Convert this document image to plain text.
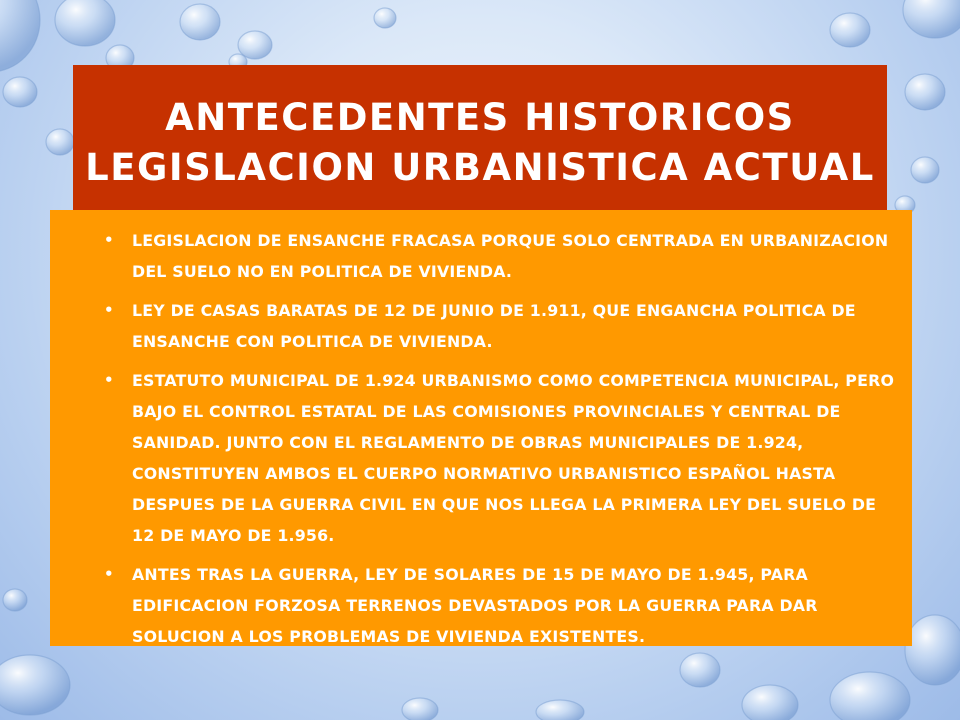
ANTECEDENTES HISTORICOS
LEGISLACION URBANISTICA ACTUAL
• LEGISLACION DE ENSANCHE FRACASA PORQUE SOLO CENTRADA EN URBANIZACION DEL SUELO NO EN POLITICA DE VIVIENDA.
• LEY DE CASAS BARATAS DE 12 DE JUNIO DE 1.911, QUE ENGANCHA POLITICA DE ENSANCHE CON POLITICA DE VIVIENDA.
• ESTATUTO MUNICIPAL DE 1.924 URBANISMO COMO COMPETENCIA MUNICIPAL, PERO BAJO EL CONTROL ESTATAL DE LAS COMISIONES PROVINCIALES Y CENTRAL DE SANIDAD. JUNTO CON EL REGLAMENTO DE OBRAS MUNICIPALES DE 1.924, CONSTITUYEN AMBOS EL CUERPO NORMATIVO URBANISTICO ESPAÑOL HASTA DESPUES DE LA GUERRA CIVIL EN QUE NOS LLEGA LA PRIMERA LEY DEL SUELO DE 12 DE MAYO DE 1.956.
• ANTES TRAS LA GUERRA, LEY DE SOLARES DE 15 DE MAYO DE 1.945, PARA EDIFICACION FORZOSA TERRENOS DEVASTADOS POR LA GUERRA PARA DAR SOLUCION A LOS PROBLEMAS DE VIVIENDA EXISTENTES.
